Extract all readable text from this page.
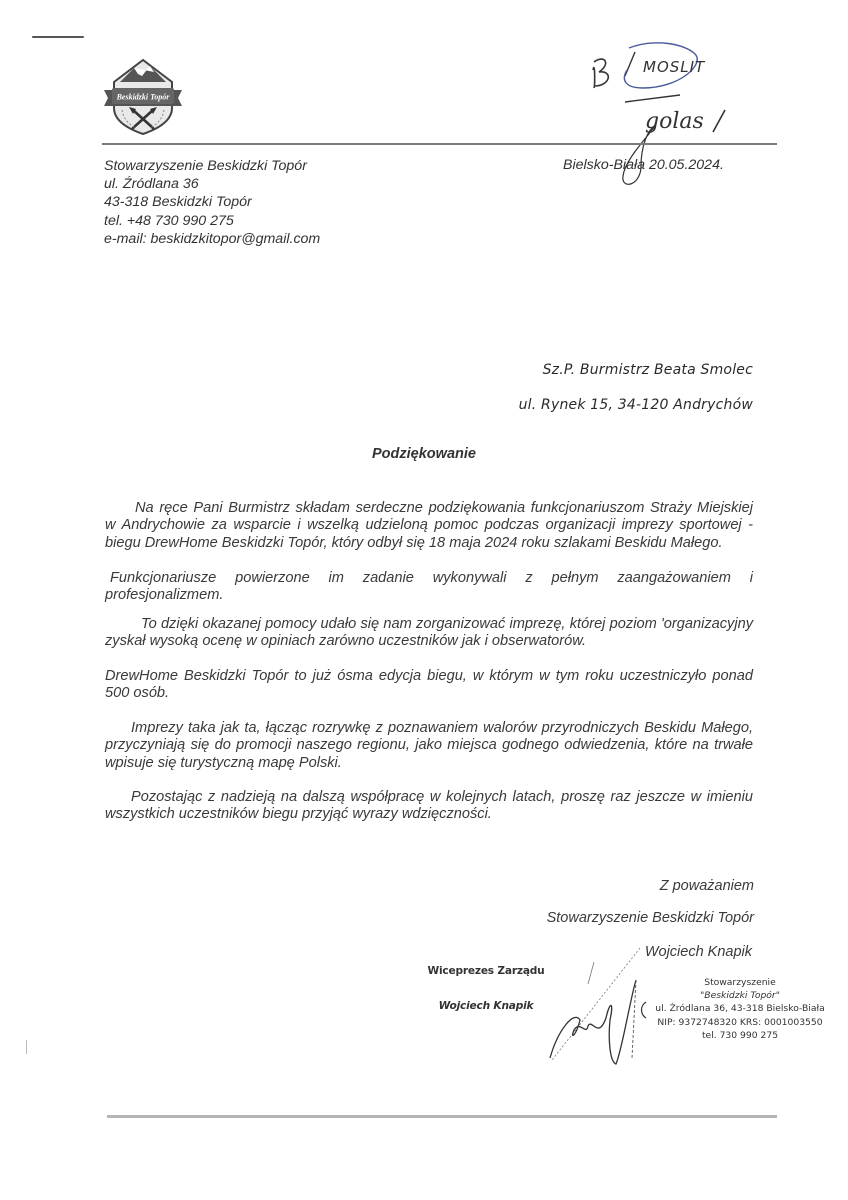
Beskidzki Topór
MOSLIT
golas
Stowarzyszenie Beskidzki Topór
ul. Źródlana 36
43-318 Beskidzki Topór
tel. +48 730 990 275
e-mail: beskidzkitopor@gmail.com
Bielsko-Biała 20.05.2024.
Sz.P. Burmistrz Beata Smolec
ul. Rynek 15, 34-120 Andrychów
Podziękowanie

Na ręce Pani Burmistrz składam serdeczne podziękowania funkcjonariuszom Straży Miejskiej w Andrychowie za wsparcie i wszelką udzieloną pomoc podczas organizacji imprezy sportowej - biegu DrewHome Beskidzki Topór, który odbył się 18 maja 2024 roku szlakami Beskidu Małego.

Funkcjonariusze powierzone im zadanie wykonywali z pełnym zaangażowaniem i profesjonalizmem.

To dzięki okazanej pomocy udało się nam zorganizować imprezę, której poziom 'organizacyjny zyskał wysoką ocenę w opiniach zarówno uczestników jak i obserwatorów.

DrewHome Beskidzki Topór to już ósma edycja biegu, w którym w tym roku uczestniczyło ponad 500 osób.

Imprezy taka jak ta, łącząc rozrywkę z poznawaniem walorów przyrodniczych Beskidu Małego, przyczyniają się do promocji naszego regionu, jako miejsca godnego odwiedzenia, które na trwałe wpisuje się turystyczną mapę Polski.

Pozostając z nadzieją na dalszą współpracę w kolejnych latach, proszę raz jeszcze w imieniu wszystkich uczestników biegu przyjąć wyrazy wdzięczności.

Z poważaniem
Stowarzyszenie Beskidzki Topór
Wojciech Knapik
Wiceprezes Zarządu
Wojciech Knapik
Stowarzyszenie
"Beskidzki Topór"
ul. Źródlana 36, 43-318 Bielsko-Biała
NIP: 9372748320 KRS: 0001003550
tel. 730 990 275
